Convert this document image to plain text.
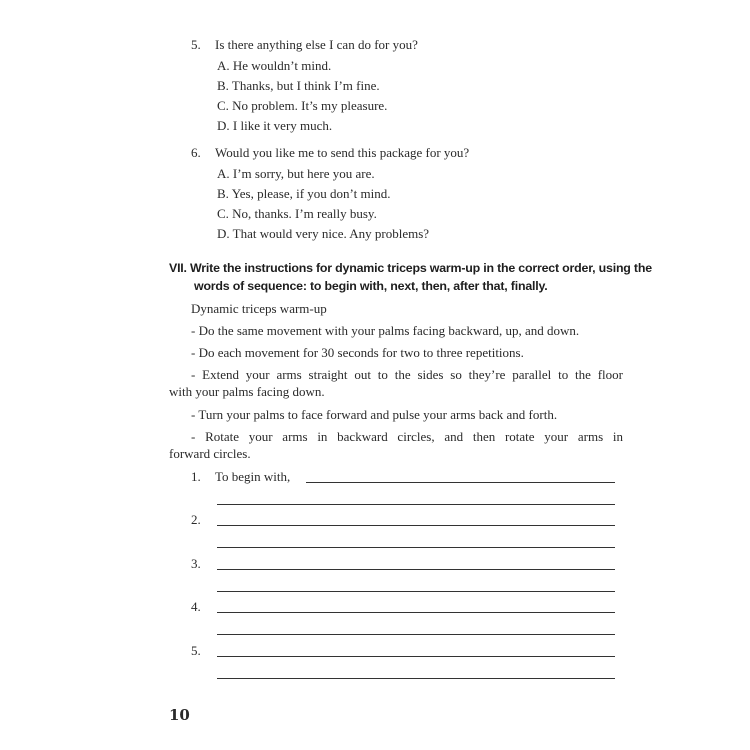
5. Is there anything else I can do for you?
A. He wouldn’t mind.
B. Thanks, but I think I’m fine.
C. No problem. It’s my pleasure.
D. I like it very much.
6. Would you like me to send this package for you?
A. I’m sorry, but here you are.
B. Yes, please, if you don’t mind.
C. No, thanks. I’m really busy.
D. That would very nice. Any problems?
VII. Write the instructions for dynamic triceps warm-up in the correct order, using the
words of sequence: to begin with, next, then, after that, finally.
Dynamic triceps warm-up
- Do the same movement with your palms facing backward, up, and down.
- Do each movement for 30 seconds for two to three repetitions.
- Extend your arms straight out to the sides so they’re parallel to the floor
with your palms facing down.
- Turn your palms to face forward and pulse your arms back and forth.
- Rotate your arms in backward circles, and then rotate your arms in
forward circles.
1. To begin with,
2.
3.
4.
5.
10
